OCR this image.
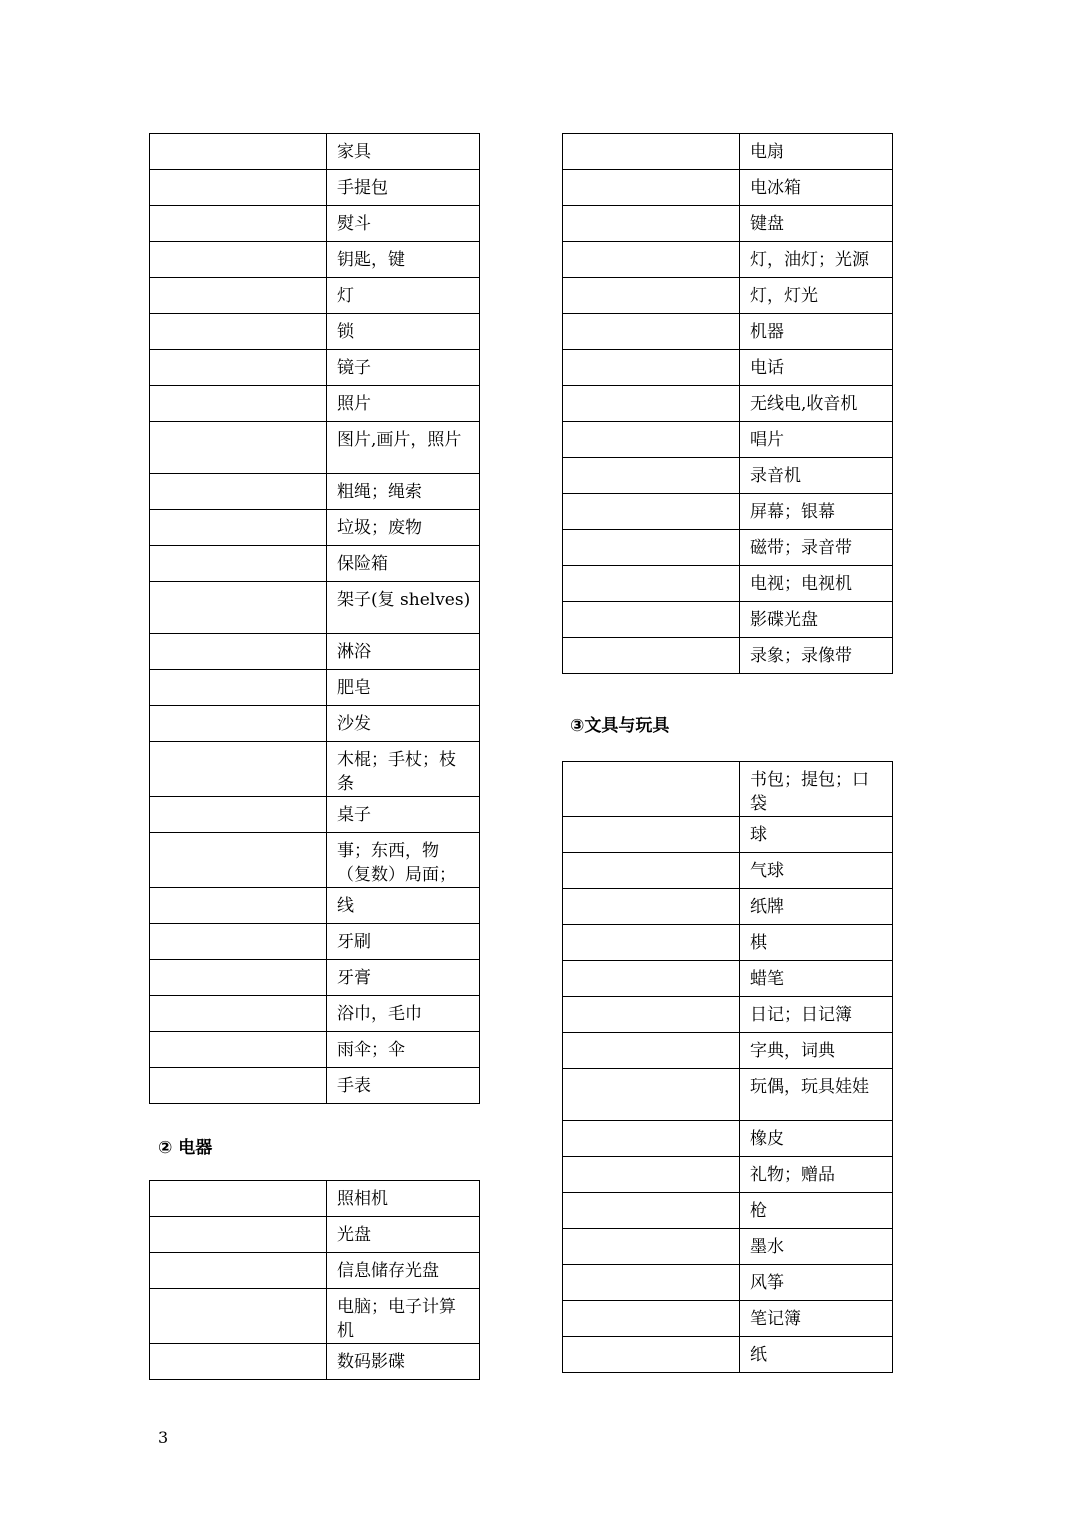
	家具
	手提包
	熨斗
	钥匙，键
	灯
	锁
	镜子
	照片
	图片,画片，照片
	粗绳；绳索
	垃圾；废物
	保险箱
	架子(复 shelves)
	淋浴
	肥皂
	沙发
	木棍；手杖；枝条
	桌子
	事；东西，物（复数）局面；
	线
	牙刷
	牙膏
	浴巾，毛巾
	雨伞；伞
	手表
② 电器
	照相机
	光盘
	信息储存光盘
	电脑；电子计算机
	数码影碟
	电扇
	电冰箱
	键盘
	灯，油灯；光源
	灯，灯光
	机器
	电话
	无线电,收音机
	唱片
	录音机
	屏幕；银幕
	磁带；录音带
	电视；电视机
	影碟光盘
	录象；录像带
③文具与玩具
	书包；提包；口袋
	球
	气球
	纸牌
	棋
	蜡笔
	日记；日记簿
	字典，词典
	玩偶，玩具娃娃
	橡皮
	礼物；赠品
	枪
	墨水
	风筝
	笔记簿
	纸
3
